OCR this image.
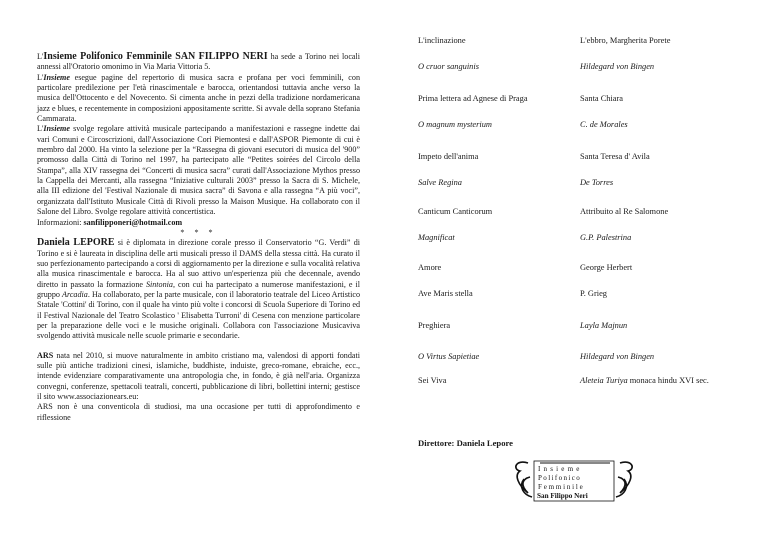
L'Insieme Polifonico Femminile SAN FILIPPO NERI ha sede a Torino nei locali annessi all'Oratorio omonimo in Via Maria Vittoria 5.

L'Insieme esegue pagine del repertorio di musica sacra e profana per voci femminili, con particolare predilezione per l'età rinascimentale e barocca, orientandosi tuttavia anche verso la musica dell'Ottocento e del Novecento. Si cimenta anche in pezzi della tradizione nordamericana jazz e blues, e recentemente in composizioni appositamente scritte. Si avvale della soprano Stefania Cammarata.

L'Insieme svolge regolare attività musicale partecipando a manifestazioni e rassegne indette dai vari Comuni e Circoscrizioni, dall'Associazione Cori Piemontesi e dall'ASPOR Piemonte di cui è membro dal 2000. Ha vinto la selezione per la “Rassegna di giovani esecutori di musica del '900” promosso dalla Città di Torino nel 1997, ha partecipato alle “Petites soirées del Circolo della Stampa”, alla XIV rassegna dei “Concerti di musica sacra” curati dall'Associazione Mythos presso la Cappella dei Mercanti, alla rassegna “Iniziative culturali 2003” presso la Sacra di S. Michele, alla III edizione del 'Festival Nazionale di musica sacra” di Savona e alla rassegna “A più voci”, organizzata dall'Istituto Musicale Città di Rivoli presso la Maison Musique. Ha collaborato con il Salone del Libro. Svolge regolare attività concertistica.

Informazioni: sanfilipponeri@hotmail.com

* * *

Daniela LEPORE si è diplomata in direzione corale presso il Conservatorio “G. Verdi” di Torino e si è laureata in disciplina delle arti musicali presso il DAMS della stessa città. Ha curato il suo perfezionamento partecipando a corsi di aggiornamento per la direzione e sulla vocalità relativa alla musica rinascimentale e barocca. Ha al suo attivo un'esperienza più che decennale, avendo diretto in passato la formazione Sintonia, con cui ha partecipato a numerose manifestazioni, e il gruppo Arcadia. Ha collaborato, per la parte musicale, con il laboratorio teatrale del Liceo Artistico Statale 'Cottini' di Torino, con il quale ha vinto più volte i concorsi di Scuola Superiore di Torino ed il Festival Nazionale del Teatro Scolastico ' Elisabetta Turroni' di Cesena con menzione particolare per la preparazione delle voci e le musiche originali. Collabora con l'associazione Musicaviva svolgendo attività musicale nelle scuole primarie e secondarie.

ARS nata nel 2010, si muove naturalmente in ambito cristiano ma, valendosi di apporti fondati sulle più antiche tradizioni cinesi, islamiche, buddhiste, induiste, greco-romane, ebraiche, ecc., intende evidenziare comparativamente una antropologia che, in fondo, è già nell'aria. Organizza convegni, conferenze, spettacoli teatrali, concerti, pubblicazione di libri, bollettini interni; gestisce il sito www.associazionears.eu:

ARS non è una conventicola di studiosi, ma una occasione per tutti di approfondimento e riflessione

L'inclinazione	L'ebbro, Margherita Porete
O cruor sanguinis	Hildegard von Bingen
Prima lettera ad Agnese di Praga	Santa Chiara
O magnum mysterium	C. de Morales
Impeto dell'anima	Santa Teresa d' Avila
Salve Regina	De Torres
Canticum Canticorum	Attribuito al Re Salomone
Magnificat	G.P. Palestrina
Amore	George Herbert
Ave Maris stella	P. Grieg
Preghiera	Layla Majnun
O Virtus Sapietiae	Hildegard von Bingen
Sei Viva	Aleteia Turiya monaca hindu XVI sec.
Direttore: Daniela Lepore
Insieme
Polifonico
Femminile
San Filippo Neri
